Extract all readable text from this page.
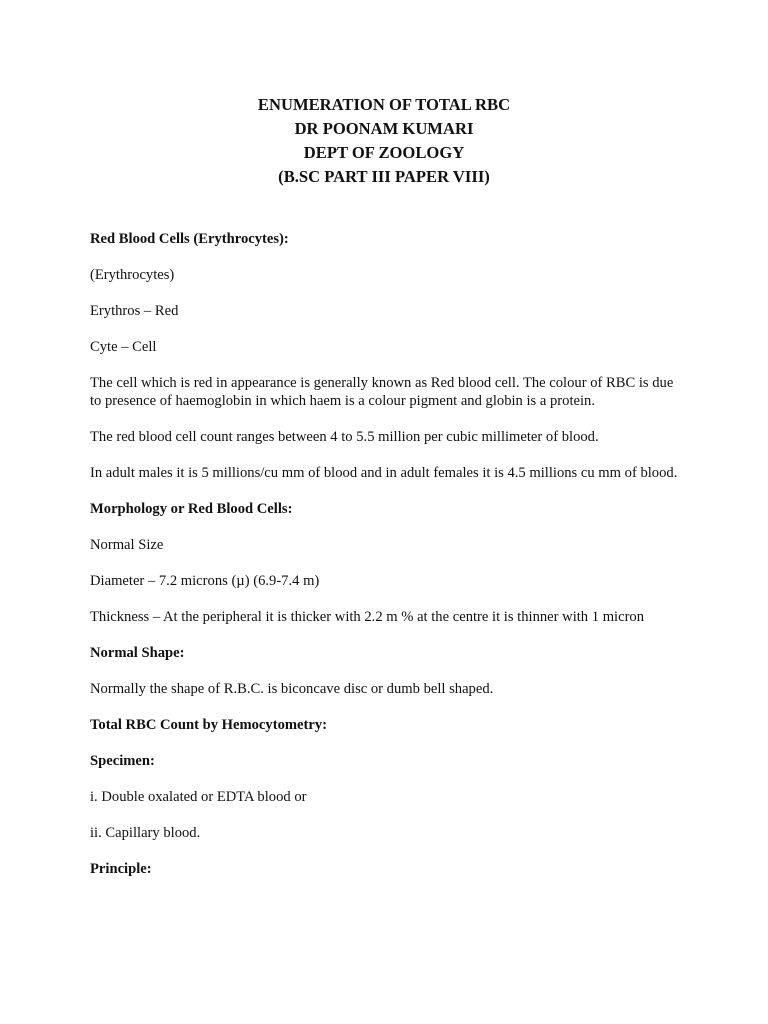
ENUMERATION OF TOTAL RBC
DR POONAM KUMARI
DEPT OF ZOOLOGY
(B.SC PART III PAPER VIII)
Red Blood Cells (Erythrocytes):
(Erythrocytes)
Erythros – Red
Cyte – Cell
The cell which is red in appearance is generally known as Red blood cell. The colour of RBC is due to presence of haemoglobin in which haem is a colour pigment and globin is a protein.
The red blood cell count ranges between 4 to 5.5 million per cubic millimeter of blood.
In adult males it is 5 millions/cu mm of blood and in adult females it is 4.5 millions cu mm of blood.
Morphology or Red Blood Cells:
Normal Size
Diameter – 7.2 microns (µ) (6.9-7.4 m)
Thickness – At the peripheral it is thicker with 2.2 m % at the centre it is thinner with 1 micron
Normal Shape:
Normally the shape of R.B.C. is biconcave disc or dumb bell shaped.
Total RBC Count by Hemocytometry:
Specimen:
i. Double oxalated or EDTA blood or
ii. Capillary blood.
Principle:
